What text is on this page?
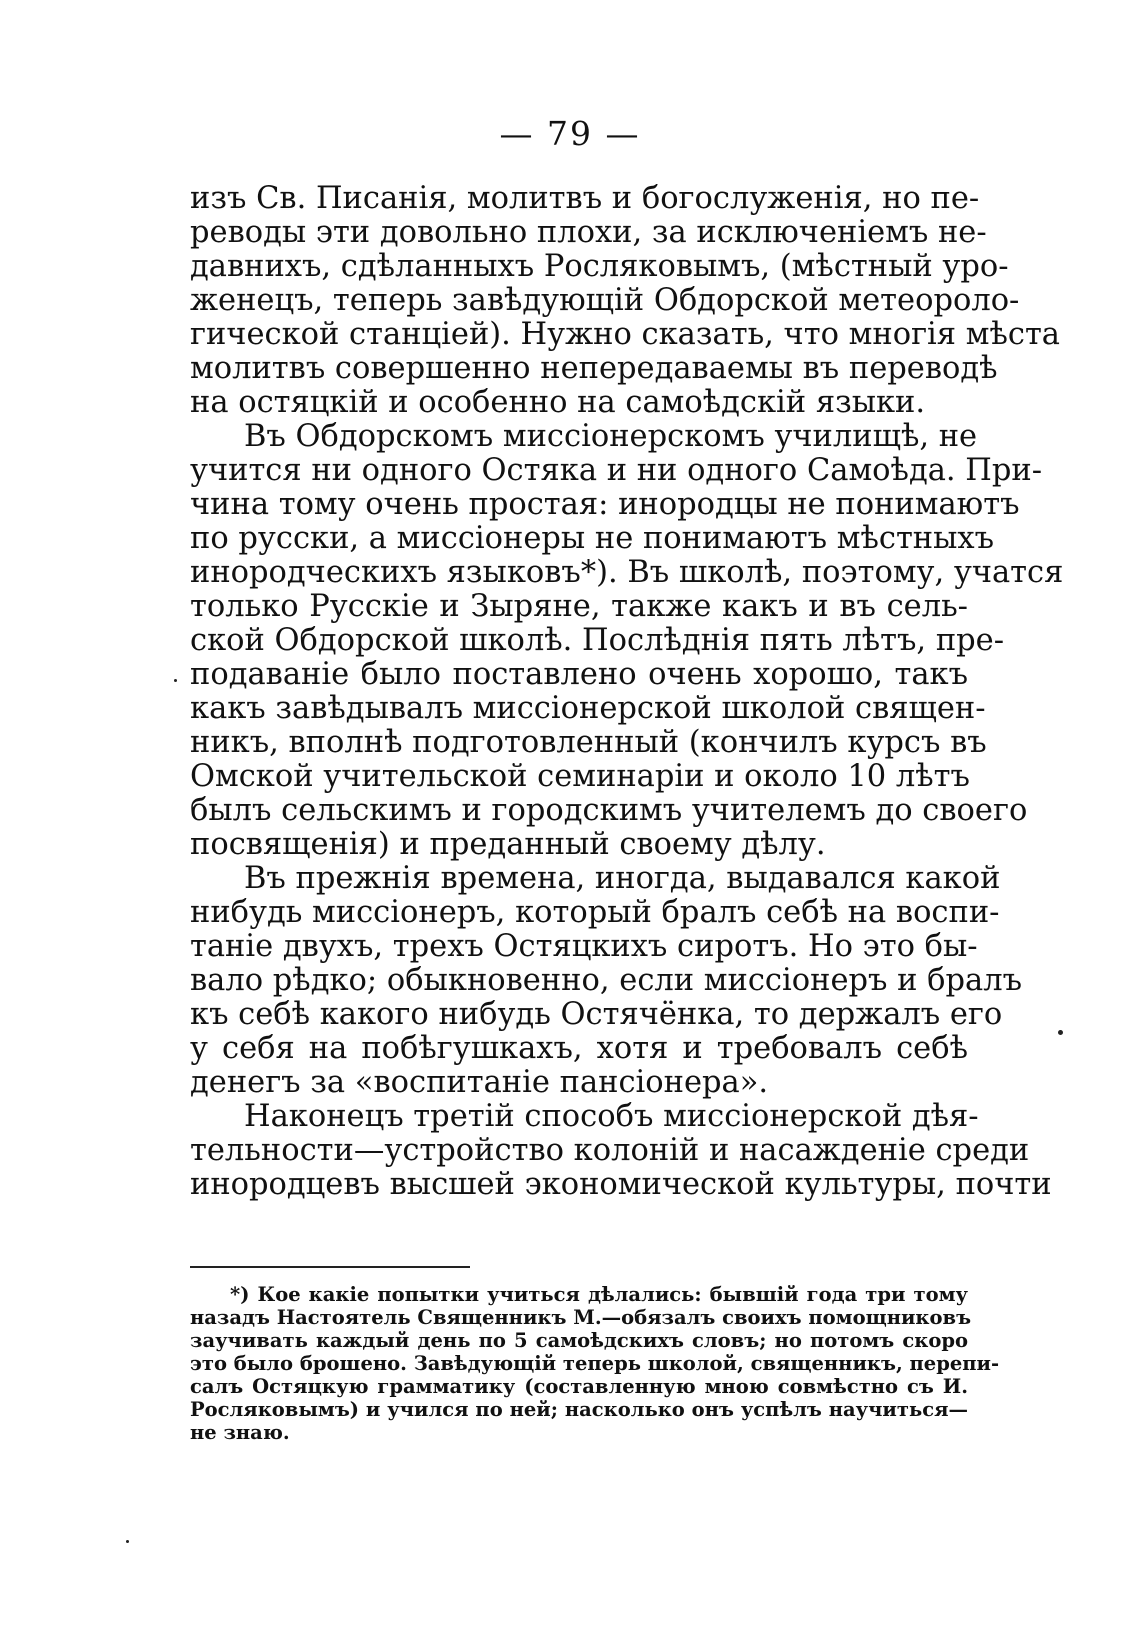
— 79 —
изъ Св. Писанія, молитвъ и богослуженія, но пе-
реводы эти довольно плохи, за исключеніемъ не-
давнихъ, сдѣланныхъ Росляковымъ, (мѣстный уро-
женецъ, теперь завѣдующій Обдорской метеороло-
гической станціей). Нужно сказать, что многія мѣста
молитвъ совершенно непередаваемы въ переводѣ
на остяцкій и особенно на самоѣдскій языки.
Въ Обдорскомъ миссіонерскомъ училищѣ, не
учится ни одного Остяка и ни одного Самоѣда. При-
чина тому очень простая: инородцы не понимаютъ
по русски, а миссіонеры не понимаютъ мѣстныхъ
инородческихъ языковъ*). Въ школѣ, поэтому, учатся
только Русскіе и Зыряне, также какъ и въ сель-
ской Обдорской школѣ. Послѣднія пять лѣтъ, пре-
подаваніе было поставлено очень хорошо, такъ
какъ завѣдывалъ миссіонерской школой священ-
никъ, вполнѣ подготовленный (кончилъ курсъ въ
Омской учительской семинаріи и около 10 лѣтъ
былъ сельскимъ и городскимъ учителемъ до своего
посвященія) и преданный своему дѣлу.
Въ прежнія времена, иногда, выдавался какой
нибудь миссіонеръ, который бралъ себѣ на воспи-
таніе двухъ, трехъ Остяцкихъ сиротъ. Но это бы-
вало рѣдко; обыкновенно, если миссіонеръ и бралъ
къ себѣ какого нибудь Остячёнка, то держалъ его
у себя на побѣгушкахъ, хотя и требовалъ себѣ
денегъ за «воспитаніе пансіонера».
Наконецъ третій способъ миссіонерской дѣя-
тельности—устройство колоній и насажденіе среди
инородцевъ высшей экономической культуры, почти
*) Кое какіе попытки учиться дѣлались: бывшій года три тому
назадъ Настоятель Священникъ М.—обязалъ своихъ помощниковъ
заучивать каждый день по 5 самоѣдскихъ словъ; но потомъ скоро
это было брошено. Завѣдующій теперь школой, священникъ, перепи-
салъ Остяцкую грамматику (составленную мною совмѣстно съ И.
Росляковымъ) и учился по ней; насколько онъ успѣлъ научиться—
не знаю.
